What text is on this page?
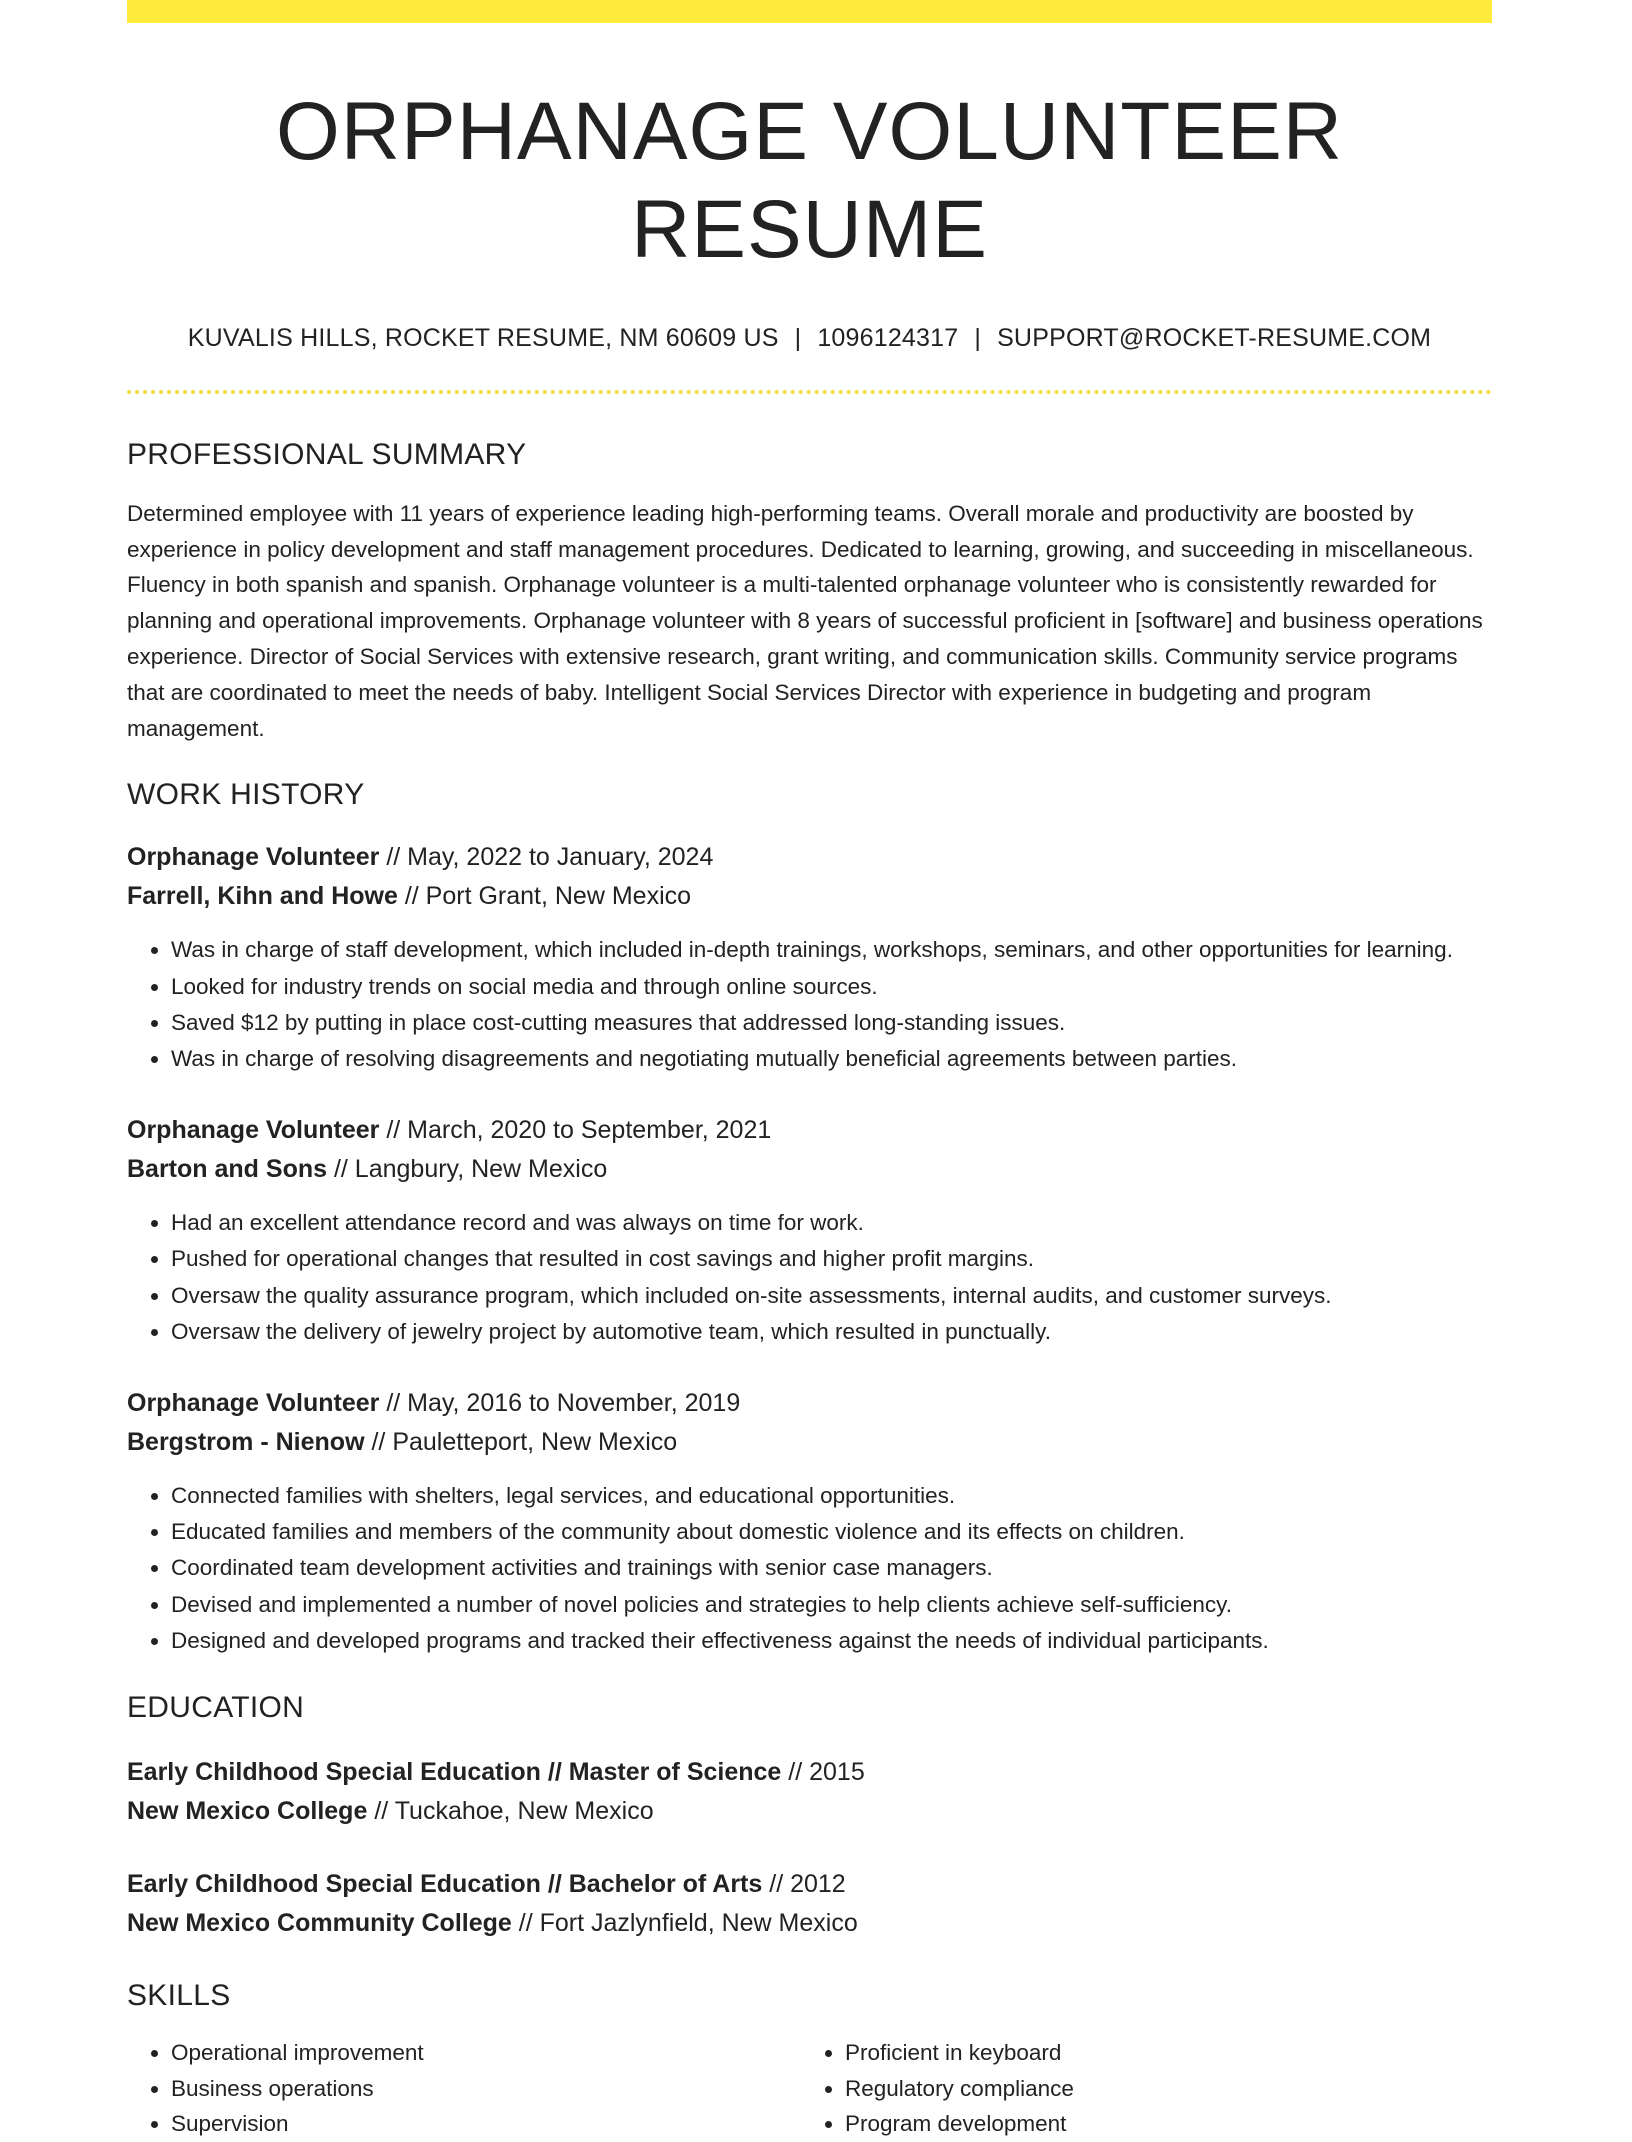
ORPHANAGE VOLUNTEER RESUME
KUVALIS HILLS, ROCKET RESUME, NM 60609 US | 1096124317 | SUPPORT@ROCKET-RESUME.COM
PROFESSIONAL SUMMARY

Determined employee with 11 years of experience leading high-performing teams. Overall morale and productivity are boosted by experience in policy development and staff management procedures. Dedicated to learning, growing, and succeeding in miscellaneous. Fluency in both spanish and spanish. Orphanage volunteer is a multi-talented orphanage volunteer who is consistently rewarded for planning and operational improvements. Orphanage volunteer with 8 years of successful proficient in [software] and business operations experience. Director of Social Services with extensive research, grant writing, and communication skills. Community service programs that are coordinated to meet the needs of baby. Intelligent Social Services Director with experience in budgeting and program management.

WORK HISTORY
Orphanage Volunteer // May, 2022 to January, 2024
Farrell, Kihn and Howe // Port Grant, New Mexico
• Was in charge of staff development, which included in-depth trainings, workshops, seminars, and other opportunities for learning.
• Looked for industry trends on social media and through online sources.
• Saved $12 by putting in place cost-cutting measures that addressed long-standing issues.
• Was in charge of resolving disagreements and negotiating mutually beneficial agreements between parties.
Orphanage Volunteer // March, 2020 to September, 2021
Barton and Sons // Langbury, New Mexico
• Had an excellent attendance record and was always on time for work.
• Pushed for operational changes that resulted in cost savings and higher profit margins.
• Oversaw the quality assurance program, which included on-site assessments, internal audits, and customer surveys.
• Oversaw the delivery of jewelry project by automotive team, which resulted in punctually.
Orphanage Volunteer // May, 2016 to November, 2019
Bergstrom - Nienow // Pauletteport, New Mexico
• Connected families with shelters, legal services, and educational opportunities.
• Educated families and members of the community about domestic violence and its effects on children.
• Coordinated team development activities and trainings with senior case managers.
• Devised and implemented a number of novel policies and strategies to help clients achieve self-sufficiency.
• Designed and developed programs and tracked their effectiveness against the needs of individual participants.
EDUCATION
Early Childhood Special Education // Master of Science // 2015
New Mexico College // Tuckahoe, New Mexico
Early Childhood Special Education // Bachelor of Arts // 2012
New Mexico Community College // Fort Jazlynfield, New Mexico
SKILLS
• Operational improvement
• Business operations
• Supervision
• Proficient in keyboard
• Regulatory compliance
• Program development
